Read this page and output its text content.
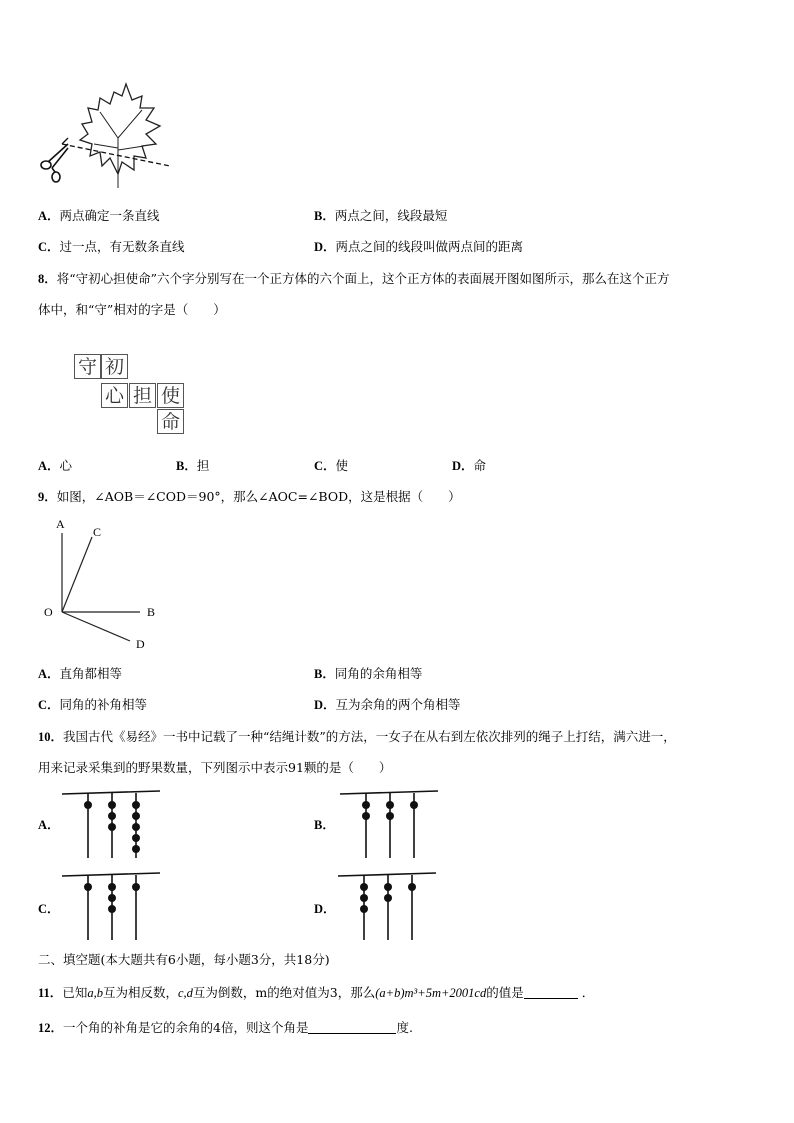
A．两点确定一条直线	B．两点之间，线段最短
C．过一点，有无数条直线	D．两点之间的线段叫做两点间的距离
8．将“守初心担使命”六个字分别写在一个正方体的六个面上，这个正方体的表面展开图如图所示，那么在这个正方
体中，和“守”相对的字是（　　）
守 初
心 担 使
命
A．心	B．担	C．使	D．命
9．如图，∠AOB＝∠COD＝90°，那么∠AOC=∠BOD，这是根据（　　）
A
C
O	B
D
A．直角都相等	B．同角的余角相等
C．同角的补角相等	D．互为余角的两个角相等
10．我国古代《易经》一书中记载了一种“结绳计数”的方法，一女子在从右到左依次排列的绳子上打结，满六进一，
用来记录采集到的野果数量，下列图示中表示91颗的是（　　）
A．	B．
C．	D．
二、填空题(本大题共有6小题，每小题3分，共18分)
11．已知a,b互为相反数，c,d互为倒数，m的绝对值为3，那么(a+b)m³+5m+2001cd的值是	．
12．一个角的补角是它的余角的4倍，则这个角是	度.
